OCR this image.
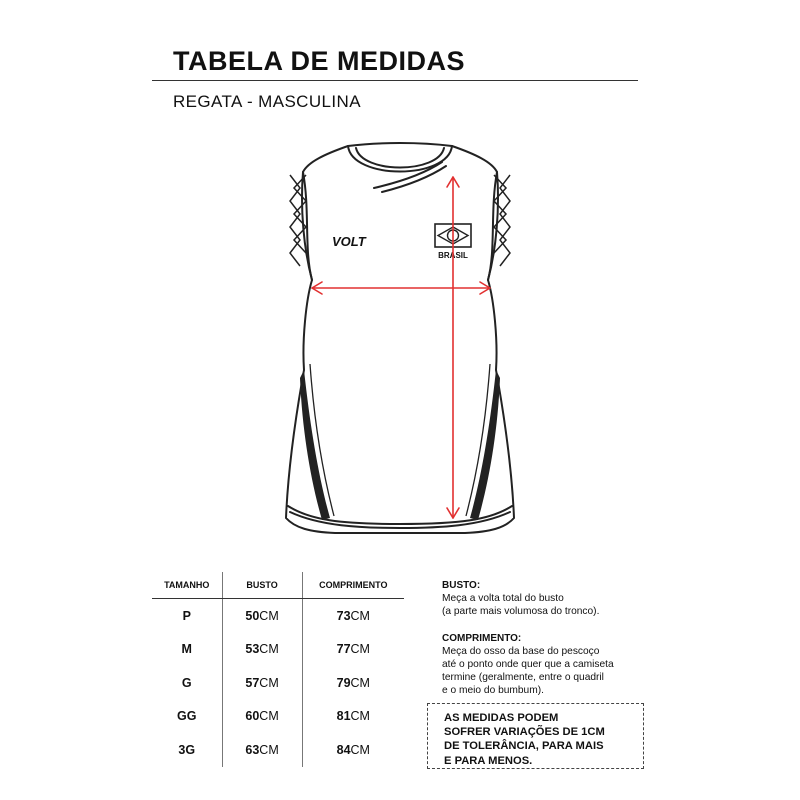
TABELA DE MEDIDAS
REGATA - MASCULINA
VOLT
BRASIL
TAMANHO	BUSTO	COMPRIMENTO
P	50CM	73CM
M	53CM	77CM
G	57CM	79CM
GG	60CM	81CM
3G	63CM	84CM

BUSTO:

Meça a volta total do busto
(a parte mais volumosa do tronco).

COMPRIMENTO:

Meça do osso da base do pescoço
até o ponto onde quer que a camiseta
termine (geralmente, entre o quadril
e o meio do bumbum).

AS MEDIDAS PODEM
SOFRER VARIAÇÕES DE 1CM
DE TOLERÂNCIA, PARA MAIS
E PARA MENOS.
